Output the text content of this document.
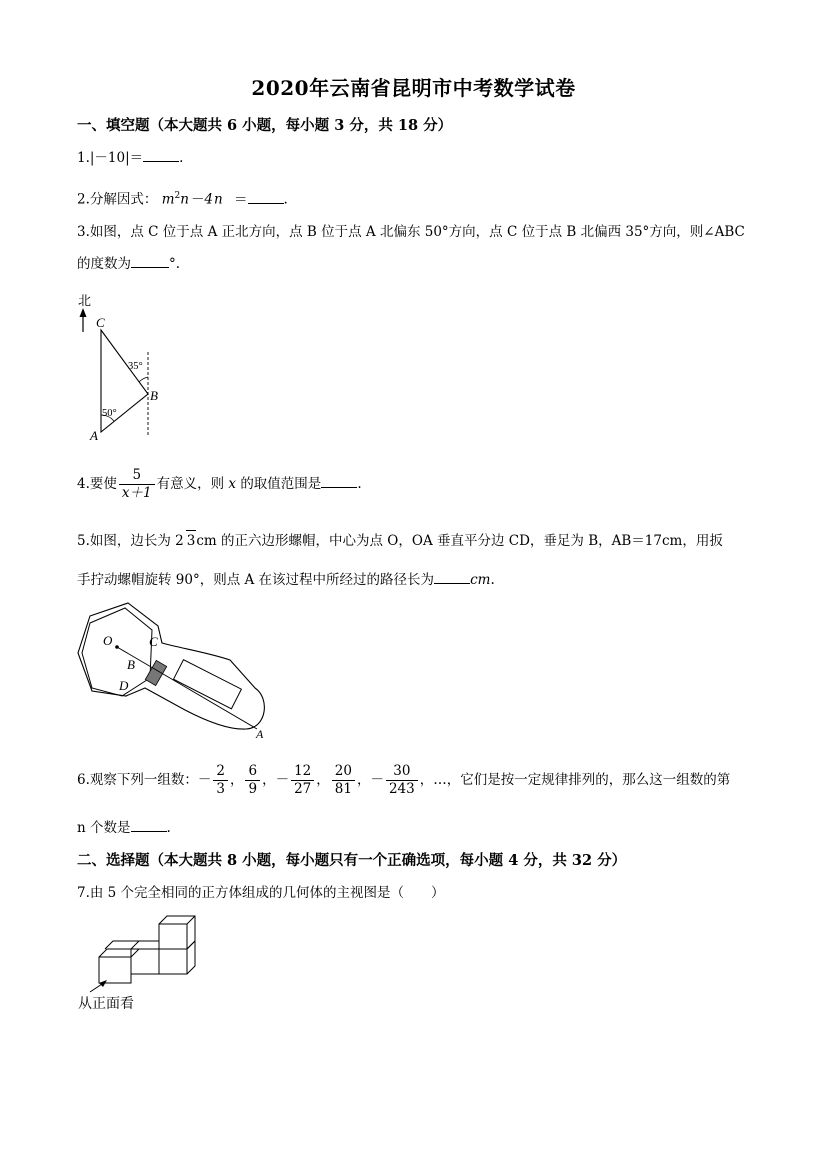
2020年云南省昆明市中考数学试卷
一、填空题（本大题共 6 小题，每小题 3 分，共 18 分）
1.|－10|＝	.
2.分解因式： $m^2n-4n$ ＝	.
3.如图，点 C 位于点 A 正北方向，点 B 位于点 A 北偏东 50°方向，点 C 位于点 B 北偏西 35°方向，则∠ABC
的度数为	°.
北
C
B
A
35°
50°
4.要使 $\frac{5}{x+1}$ 有意义，则 x 的取值范围是	.
5.如图，边长为 2 3cm 的正六边形螺帽，中心为点 O，OA 垂直平分边 CD，垂足为 B，AB＝17cm，用扳
手拧动螺帽旋转 90°，则点 A 在该过程中所经过的路径长为	cm.
O	C
B
D
A
6.观察下列一组数：－ $\frac{2}{3}$ ， $\frac{6}{9}$ ，－ $\frac{12}{27}$ ， $\frac{20}{81}$ ，－ $\frac{30}{243}$ ，…，它们是按一定规律排列的，那么这一组数的第
n 个数是	.
二、选择题（本大题共 8 小题，每小题只有一个正确选项，每小题 4 分，共 32 分）
7.由 5 个完全相同的正方体组成的几何体的主视图是（　　）
从正面看
